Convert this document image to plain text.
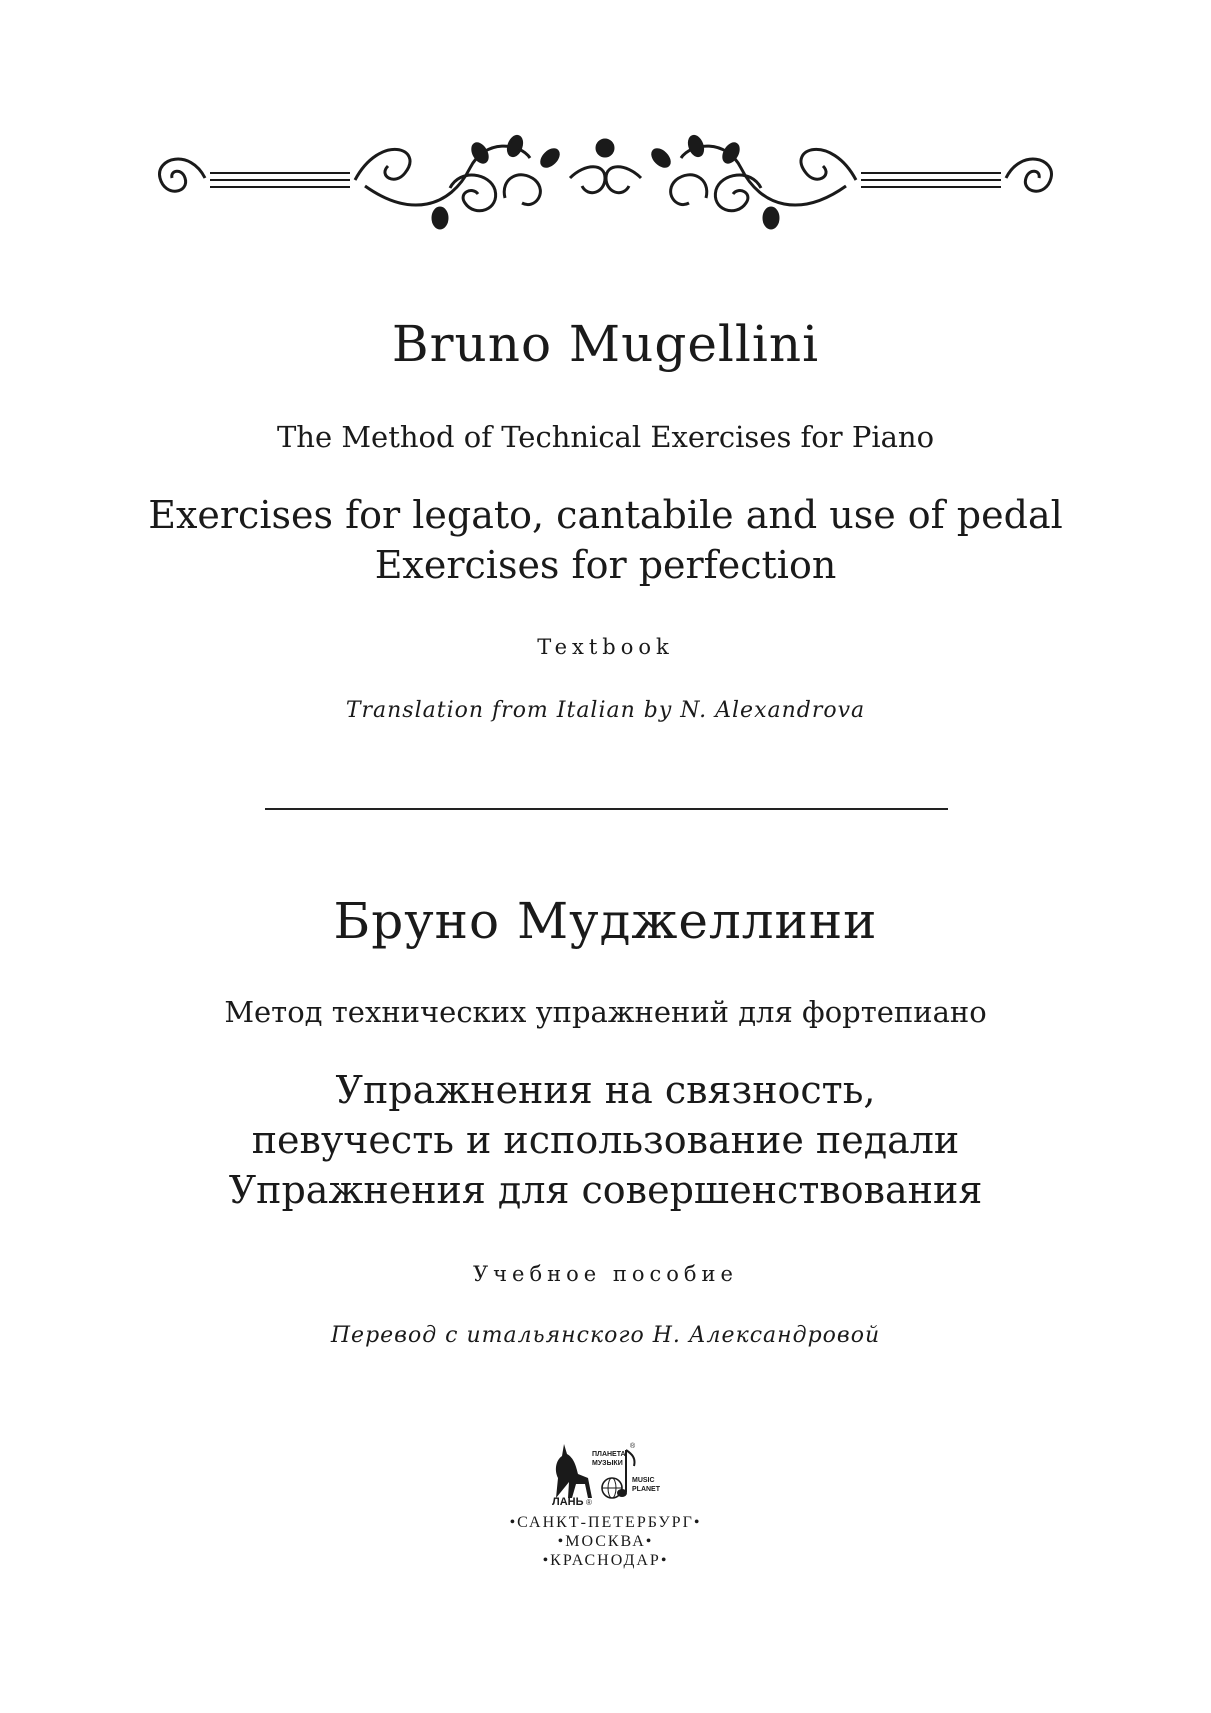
Bruno Mugellini
The Method of Technical Exercises for Piano
Exercises for legato, cantabile and use of pedal
Exercises for perfection
Textbook
Translation from Italian by N. Alexandrova
Бруно Муджеллини
Метод технических упражнений для фортепиано
Упражнения на связность,
певучесть и использование педали
Упражнения для совершенствования
Учебное пособие
Перевод с итальянского Н. Александровой
ЛАНЬ ®
ПЛАНЕТА
МУЗЫКИ
®
MUSIC
PLANET
•САНКТ-ПЕТЕРБУРГ•
•МОСКВА•
•КРАСНОДАР•
